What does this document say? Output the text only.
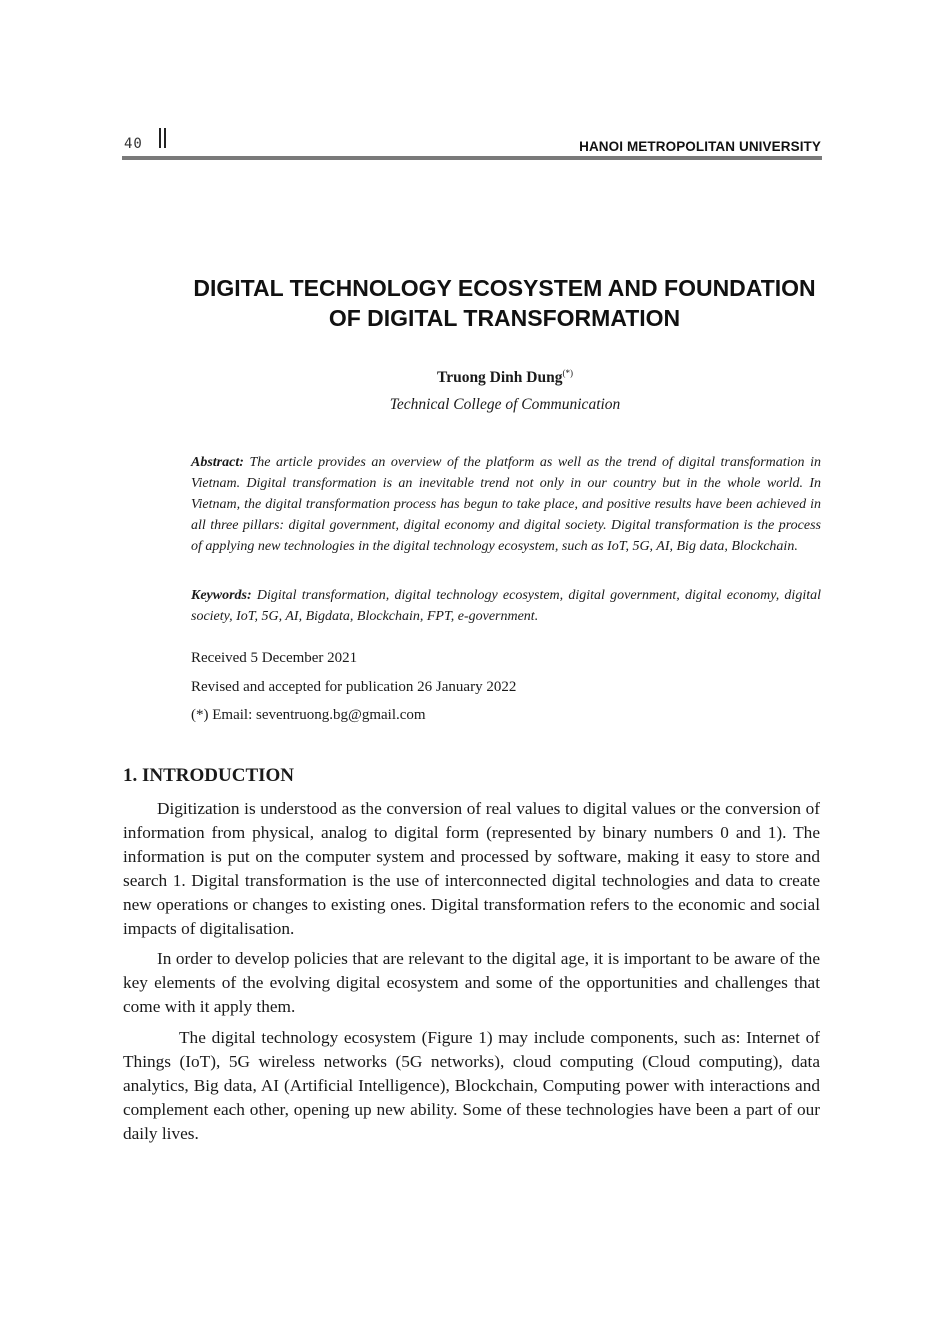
40	HANOI METROPOLITAN UNIVERSITY
DIGITAL TECHNOLOGY ECOSYSTEM AND FOUNDATION
OF DIGITAL TRANSFORMATION
Truong Dinh Dung(*)
Technical College of Communication
Abstract: The article provides an overview of the platform as well as the trend of digital transformation in Vietnam. Digital transformation is an inevitable trend not only in our country but in the whole world. In Vietnam, the digital transformation process has begun to take place, and positive results have been achieved in all three pillars: digital government, digital economy and digital society. Digital transformation is the process of applying new technologies in the digital technology ecosystem, such as IoT, 5G, AI, Big data, Blockchain.
Keywords: Digital transformation, digital technology ecosystem, digital government, digital economy, digital society, IoT, 5G, AI, Bigdata, Blockchain, FPT, e-government.
Received 5 December 2021
Revised and accepted for publication 26 January 2022
(*) Email: seventruong.bg@gmail.com
1. INTRODUCTION
Digitization is understood as the conversion of real values to digital values or the conversion of information from physical, analog to digital form (represented by binary numbers 0 and 1). The information is put on the computer system and processed by software, making it easy to store and search 1. Digital transformation is the use of interconnected digital technologies and data to create new operations or changes to existing ones. Digital transformation refers to the economic and social impacts of digitalisation.
In order to develop policies that are relevant to the digital age, it is important to be aware of the key elements of the evolving digital ecosystem and some of the opportunities and challenges that come with it apply them.
The digital technology ecosystem (Figure 1) may include components, such as: Internet of Things (IoT), 5G wireless networks (5G networks), cloud computing (Cloud computing), data analytics, Big data, AI (Artificial Intelligence), Blockchain, Computing power with interactions and complement each other, opening up new ability. Some of these technologies have been a part of our daily lives.
